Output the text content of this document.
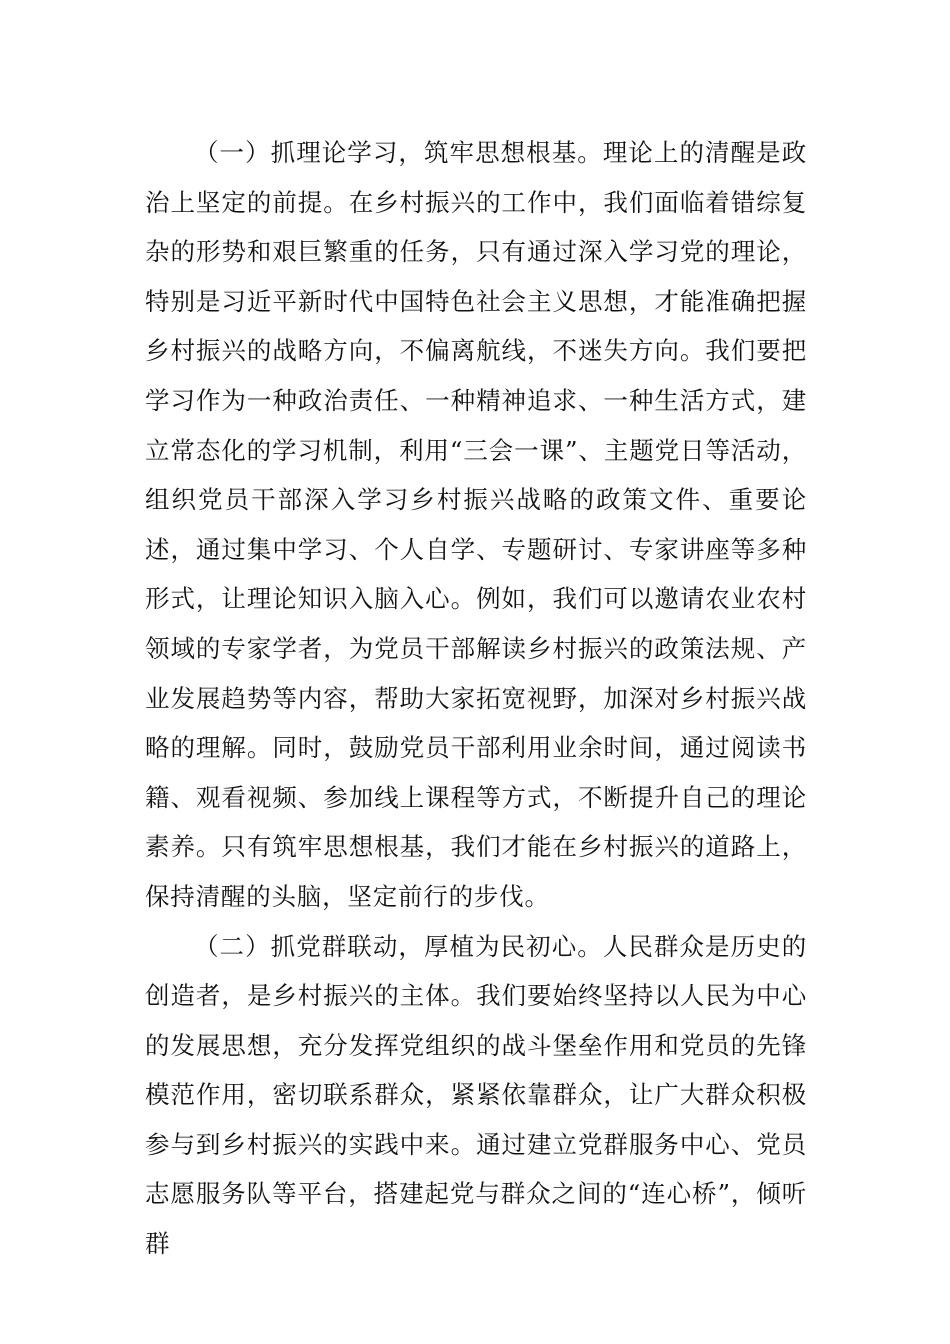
（一）抓理论学习，筑牢思想根基。理论上的清醒是政治上坚定的前提。在乡村振兴的工作中，我们面临着错综复杂的形势和艰巨繁重的任务，只有通过深入学习党的理论，特别是习近平新时代中国特色社会主义思想，才能准确把握乡村振兴的战略方向，不偏离航线，不迷失方向。我们要把学习作为一种政治责任、一种精神追求、一种生活方式，建立常态化的学习机制，利用“三会一课”、主题党日等活动，组织党员干部深入学习乡村振兴战略的政策文件、重要论述，通过集中学习、个人自学、专题研讨、专家讲座等多种形式，让理论知识入脑入心。例如，我们可以邀请农业农村领域的专家学者，为党员干部解读乡村振兴的政策法规、产业发展趋势等内容，帮助大家拓宽视野，加深对乡村振兴战略的理解。同时，鼓励党员干部利用业余时间，通过阅读书籍、观看视频、参加线上课程等方式，不断提升自己的理论素养。只有筑牢思想根基，我们才能在乡村振兴的道路上，保持清醒的头脑，坚定前行的步伐。

（二）抓党群联动，厚植为民初心。人民群众是历史的创造者，是乡村振兴的主体。我们要始终坚持以人民为中心的发展思想，充分发挥党组织的战斗堡垒作用和党员的先锋模范作用，密切联系群众，紧紧依靠群众，让广大群众积极参与到乡村振兴的实践中来。通过建立党群服务中心、党员志愿服务队等平台，搭建起党与群众之间的“连心桥”，倾听群
